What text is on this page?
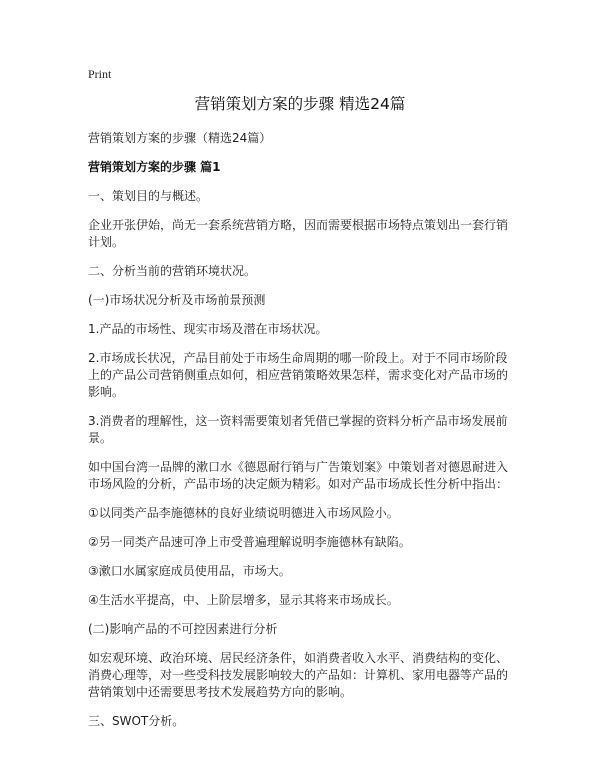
Print
营销策划方案的步骤 精选24篇

营销策划方案的步骤（精选24篇）

营销策划方案的步骤 篇1

一、策划目的与概述。

企业开张伊始，尚无一套系统营销方略，因而需要根据市场特点策划出一套行销计划。

二、分析当前的营销环境状况。

(一)市场状况分析及市场前景预测

1.产品的市场性、现实市场及潜在市场状况。

2.市场成长状况，产品目前处于市场生命周期的哪一阶段上。对于不同市场阶段上的产品公司营销侧重点如何，相应营销策略效果怎样，需求变化对产品市场的影响。

3.消费者的理解性，这一资料需要策划者凭借已掌握的资料分析产品市场发展前景。

如中国台湾一品牌的漱口水《德恩耐行销与广告策划案》中策划者对德恩耐进入市场风险的分析，产品市场的决定颇为精彩。如对产品市场成长性分析中指出：

①以同类产品李施德林的良好业绩说明德进入市场风险小。

②另一同类产品速可净上市受普遍理解说明李施德林有缺陷。

③漱口水属家庭成员使用品，市场大。

④生活水平提高，中、上阶层增多，显示其将来市场成长。

(二)影响产品的不可控因素进行分析

如宏观环境、政治环境、居民经济条件，如消费者收入水平、消费结构的变化、消费心理等，对一些受科技发展影响较大的产品如：计算机、家用电器等产品的营销策划中还需要思考技术发展趋势方向的影响。

三、SWOT分析。
